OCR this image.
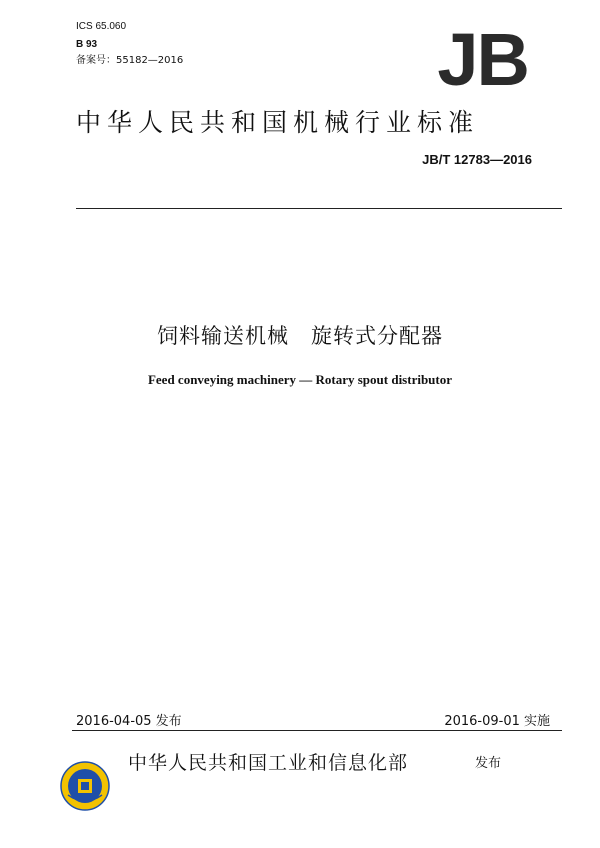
ICS 65.060
B 93
备案号：55182—2016	JB
中华人民共和国机械行业标准
JB/T 12783—2016
饲料输送机械　旋转式分配器
Feed conveying machinery — Rotary spout distributor
2016-04-05 发布	2016-09-01 实施
中华人民共和国工业和信息化部	发布
